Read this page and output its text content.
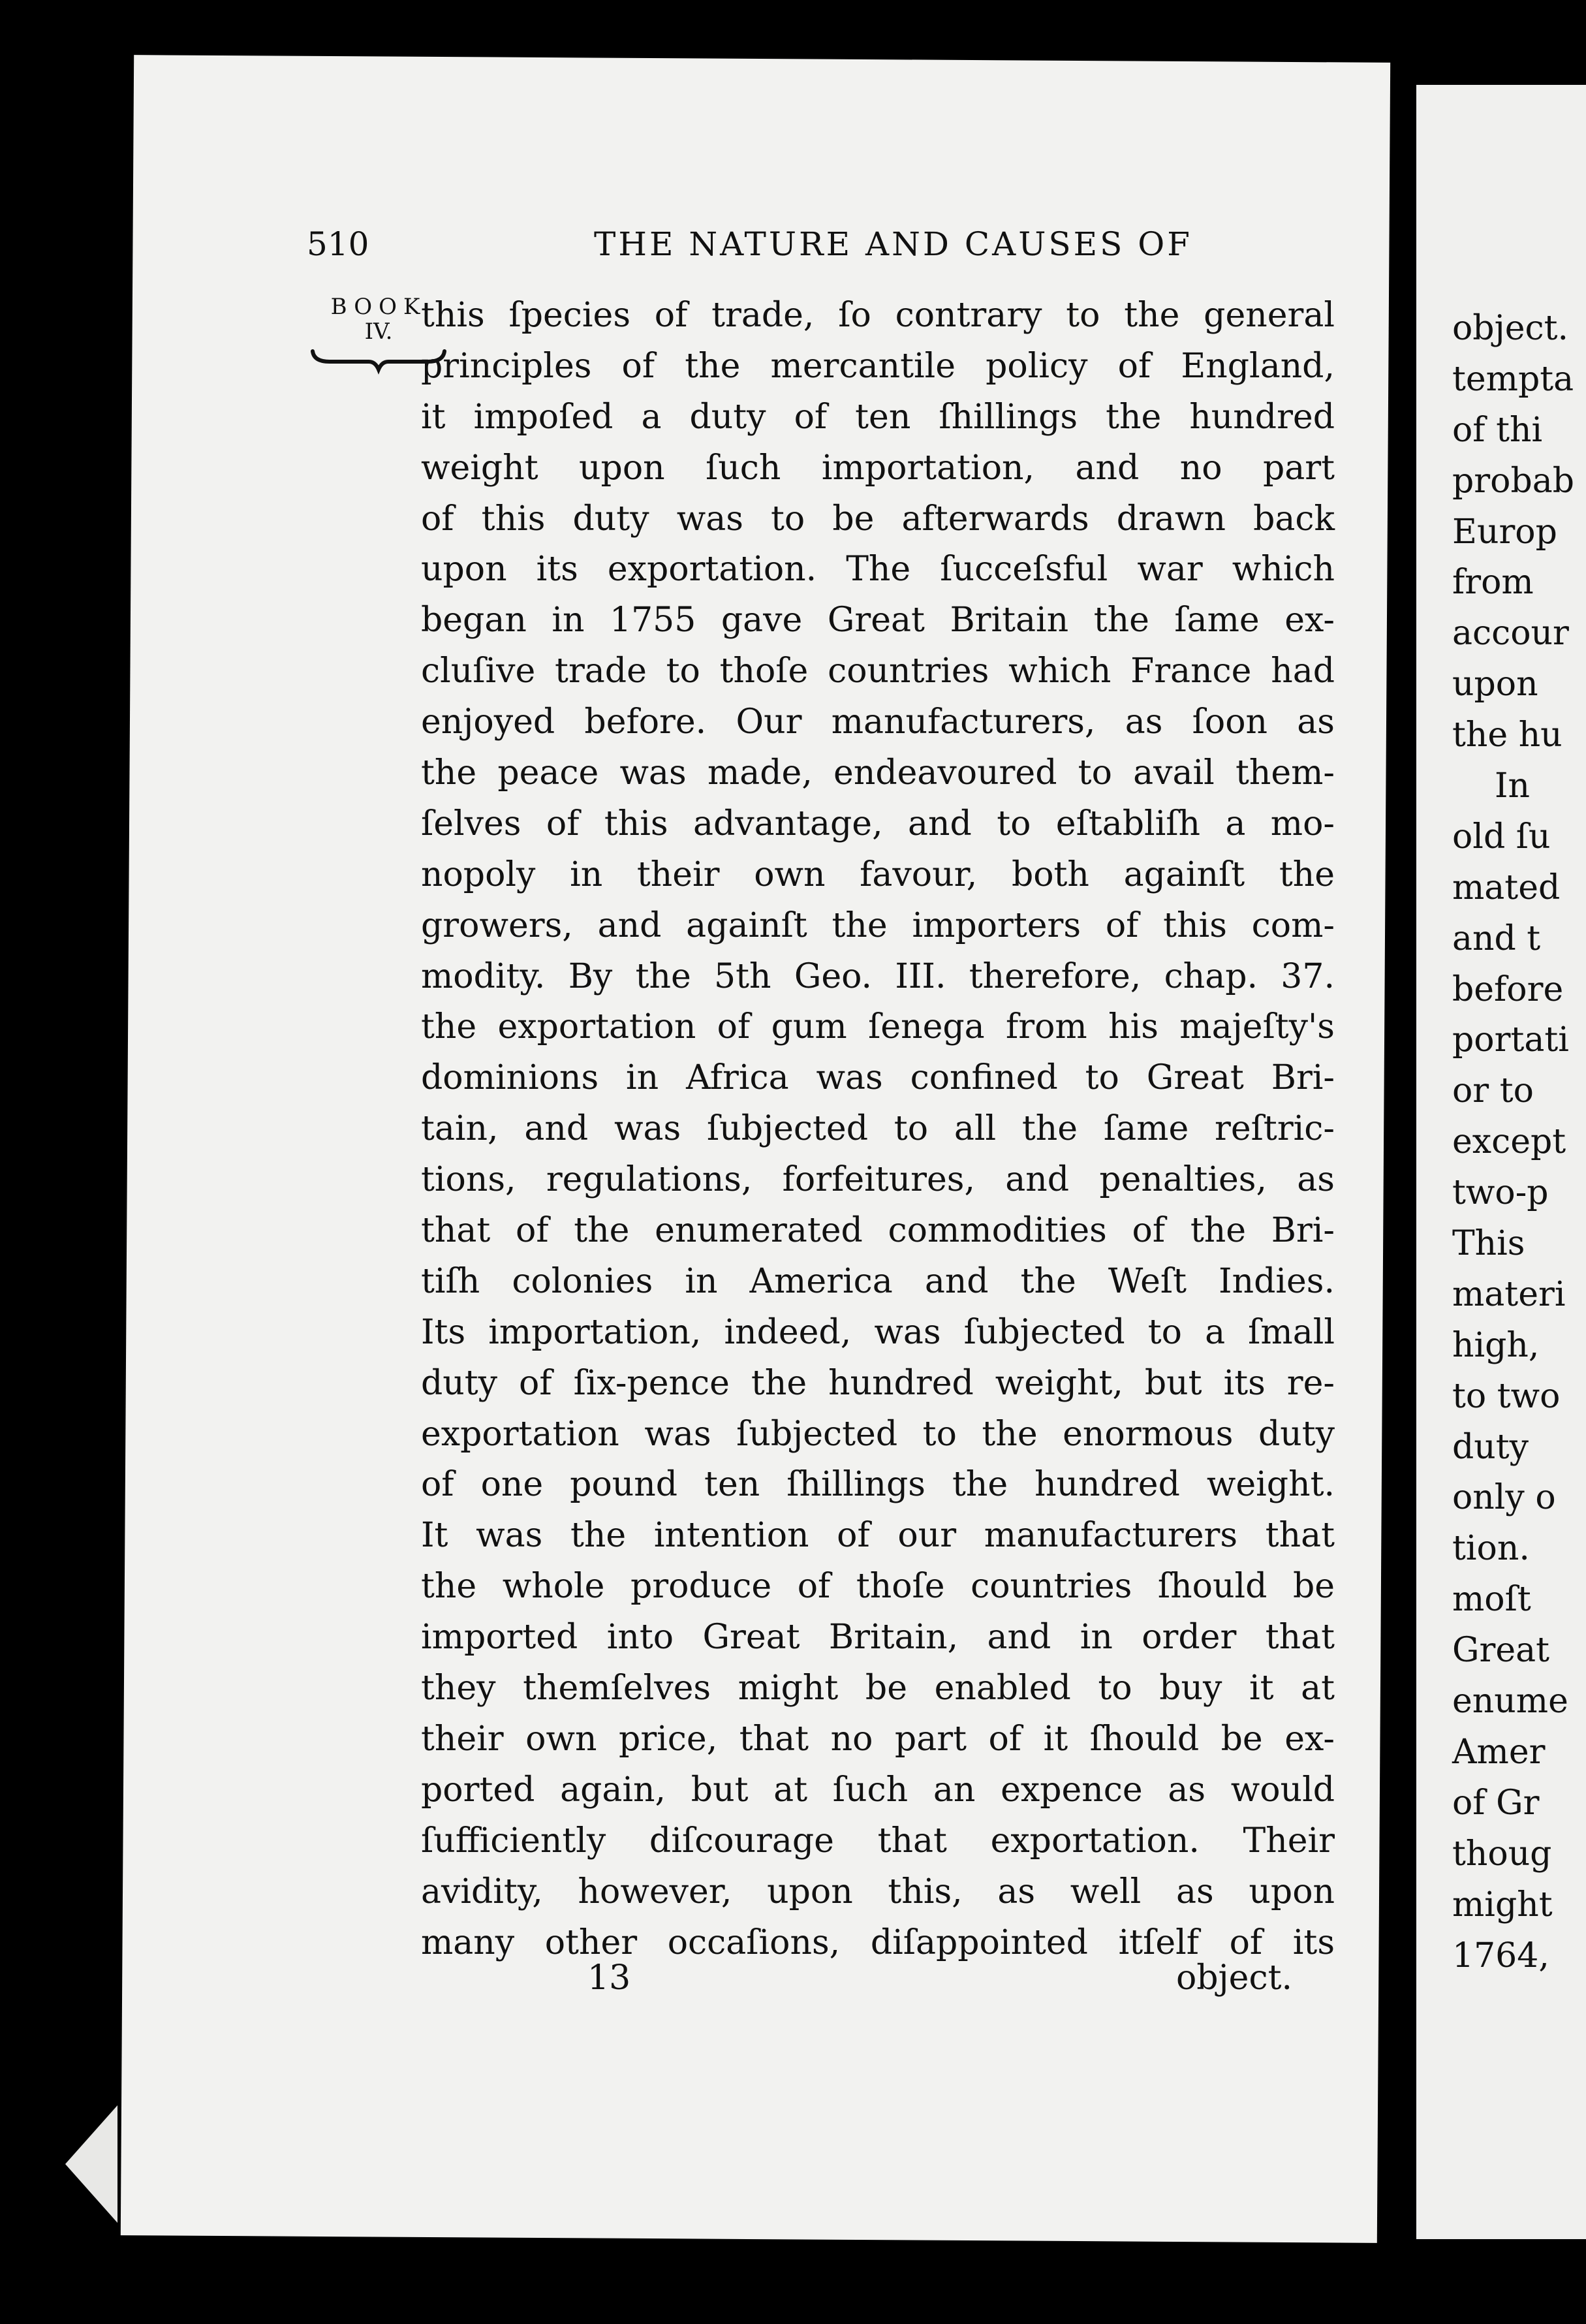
510	THE NATURE AND CAUSES OF
BOOK
IV. this ſpecies of trade, ſo contrary to the general
principles of the mercantile policy of England,
it impoſed a duty of ten ſhillings the hundred
weight upon ſuch importation, and no part
of this duty was to be afterwards drawn back
upon its exportation. The ſucceſsful war which
began in 1755 gave Great Britain the ſame ex-
cluſive trade to thoſe countries which France had
enjoyed before. Our manufacturers, as ſoon as
the peace was made, endeavoured to avail them-
ſelves of this advantage, and to eſtabliſh a mo-
nopoly in their own favour, both againſt the
growers, and againſt the importers of this com-
modity. By the 5th Geo. III. therefore, chap. 37.
the exportation of gum ſenega from his majeſty's
dominions in Africa was confined to Great Bri-
tain, and was ſubjected to all the ſame reſtric-
tions, regulations, forfeitures, and penalties, as
that of the enumerated commodities of the Bri-
tiſh colonies in America and the Weſt Indies.
Its importation, indeed, was ſubjected to a ſmall
duty of ſix-pence the hundred weight, but its re-
exportation was ſubjected to the enormous duty
of one pound ten ſhillings the hundred weight.
It was the intention of our manufacturers that
the whole produce of thoſe countries ſhould be
imported into Great Britain, and in order that
they themſelves might be enabled to buy it at
their own price, that no part of it ſhould be ex-
ported again, but at ſuch an expence as would
ſufficiently diſcourage that exportation. Their
avidity, however, upon this, as well as upon
many other occaſions, diſappointed itſelf of its
13	object.
object.
tempta
of thi
probab
Europ
from
accour
upon
the hu
In
old ſu
mated
and t
before
portati
or to
except
two-p
This
materi
high,
to two
duty
only o
tion.
moſt
Great
enume
Amer
of Gr
thoug
might
1764,
